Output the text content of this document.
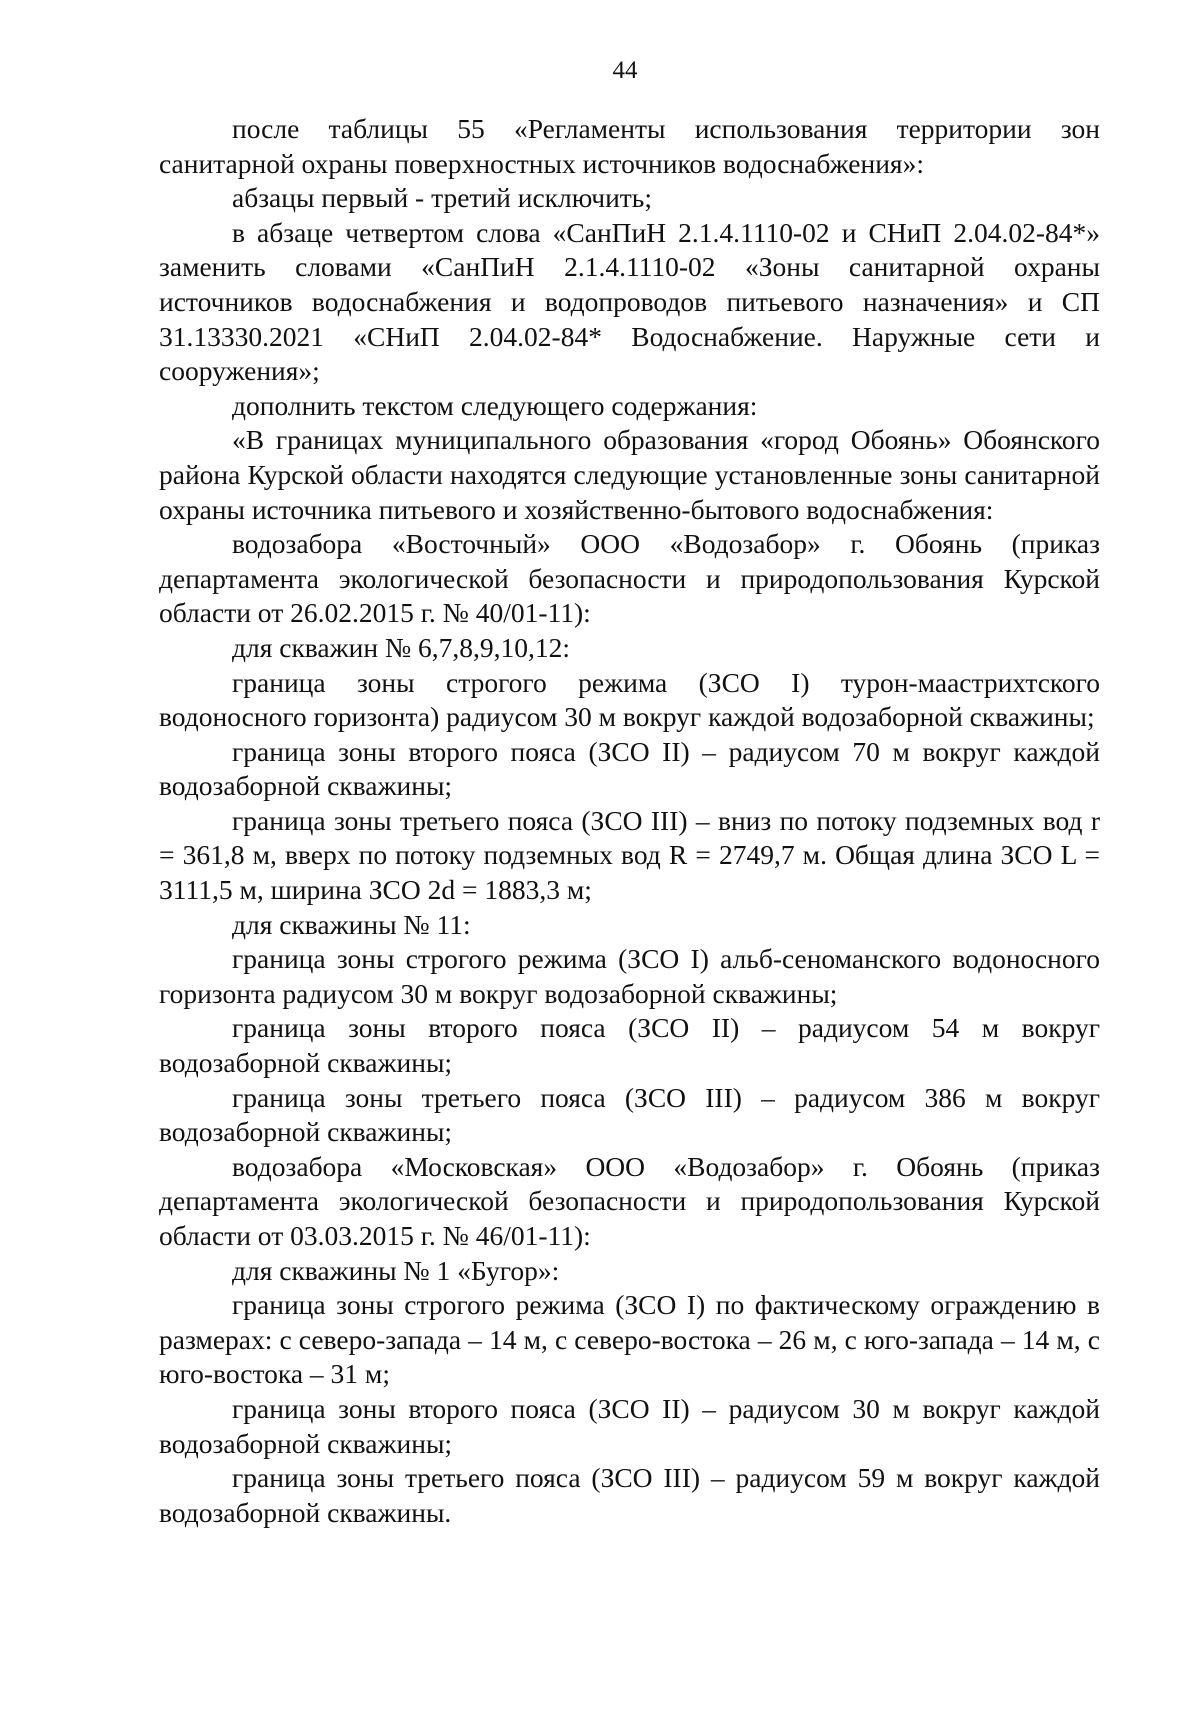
44

после таблицы 55 «Регламенты использования территории зон санитарной охраны поверхностных источников водоснабжения»:

абзацы первый - третий исключить;

в абзаце четвертом слова «СанПиН 2.1.4.1110-02 и СНиП 2.04.02-84*» заменить словами «СанПиН 2.1.4.1110-02 «Зоны санитарной охраны источников водоснабжения и водопроводов питьевого назначения» и СП 31.13330.2021 «СНиП 2.04.02-84* Водоснабжение. Наружные сети и сооружения»;

дополнить текстом следующего содержания:

«В границах муниципального образования «город Обоянь» Обоянского района Курской области находятся следующие установленные зоны санитарной охраны источника питьевого и хозяйственно-бытового водоснабжения:

водозабора «Восточный» ООО «Водозабор» г. Обоянь (приказ департамента экологической безопасности и природопользования Курской области от 26.02.2015 г. № 40/01-11):

для скважин № 6,7,8,9,10,12:

граница зоны строгого режима (ЗСО I) турон-маастрихтского водоносного горизонта) радиусом 30 м вокруг каждой водозаборной скважины;

граница зоны второго пояса (ЗСО II) – радиусом 70 м вокруг каждой водозаборной скважины;

граница зоны третьего пояса (ЗСО III) – вниз по потоку подземных вод r = 361,8 м, вверх по потоку подземных вод R = 2749,7 м. Общая длина ЗСО L = 3111,5 м, ширина ЗСО 2d = 1883,3 м;

для скважины № 11:

граница зоны строгого режима (ЗСО I) альб-сеноманского водоносного горизонта радиусом 30 м вокруг водозаборной скважины;

граница зоны второго пояса (ЗСО II) – радиусом 54 м вокруг водозаборной скважины;

граница зоны третьего пояса (ЗСО III) – радиусом 386 м вокруг водозаборной скважины;

водозабора «Московская» ООО «Водозабор» г. Обоянь (приказ департамента экологической безопасности и природопользования Курской области от 03.03.2015 г. № 46/01-11):

для скважины № 1 «Бугор»:

граница зоны строгого режима (ЗСО I) по фактическому ограждению в размерах: с северо-запада – 14 м, с северо-востока – 26 м, с юго-запада – 14 м, с юго-востока – 31 м;

граница зоны второго пояса (ЗСО II) – радиусом 30 м вокруг каждой водозаборной скважины;

граница зоны третьего пояса (ЗСО III) – радиусом 59 м вокруг каждой водозаборной скважины.
